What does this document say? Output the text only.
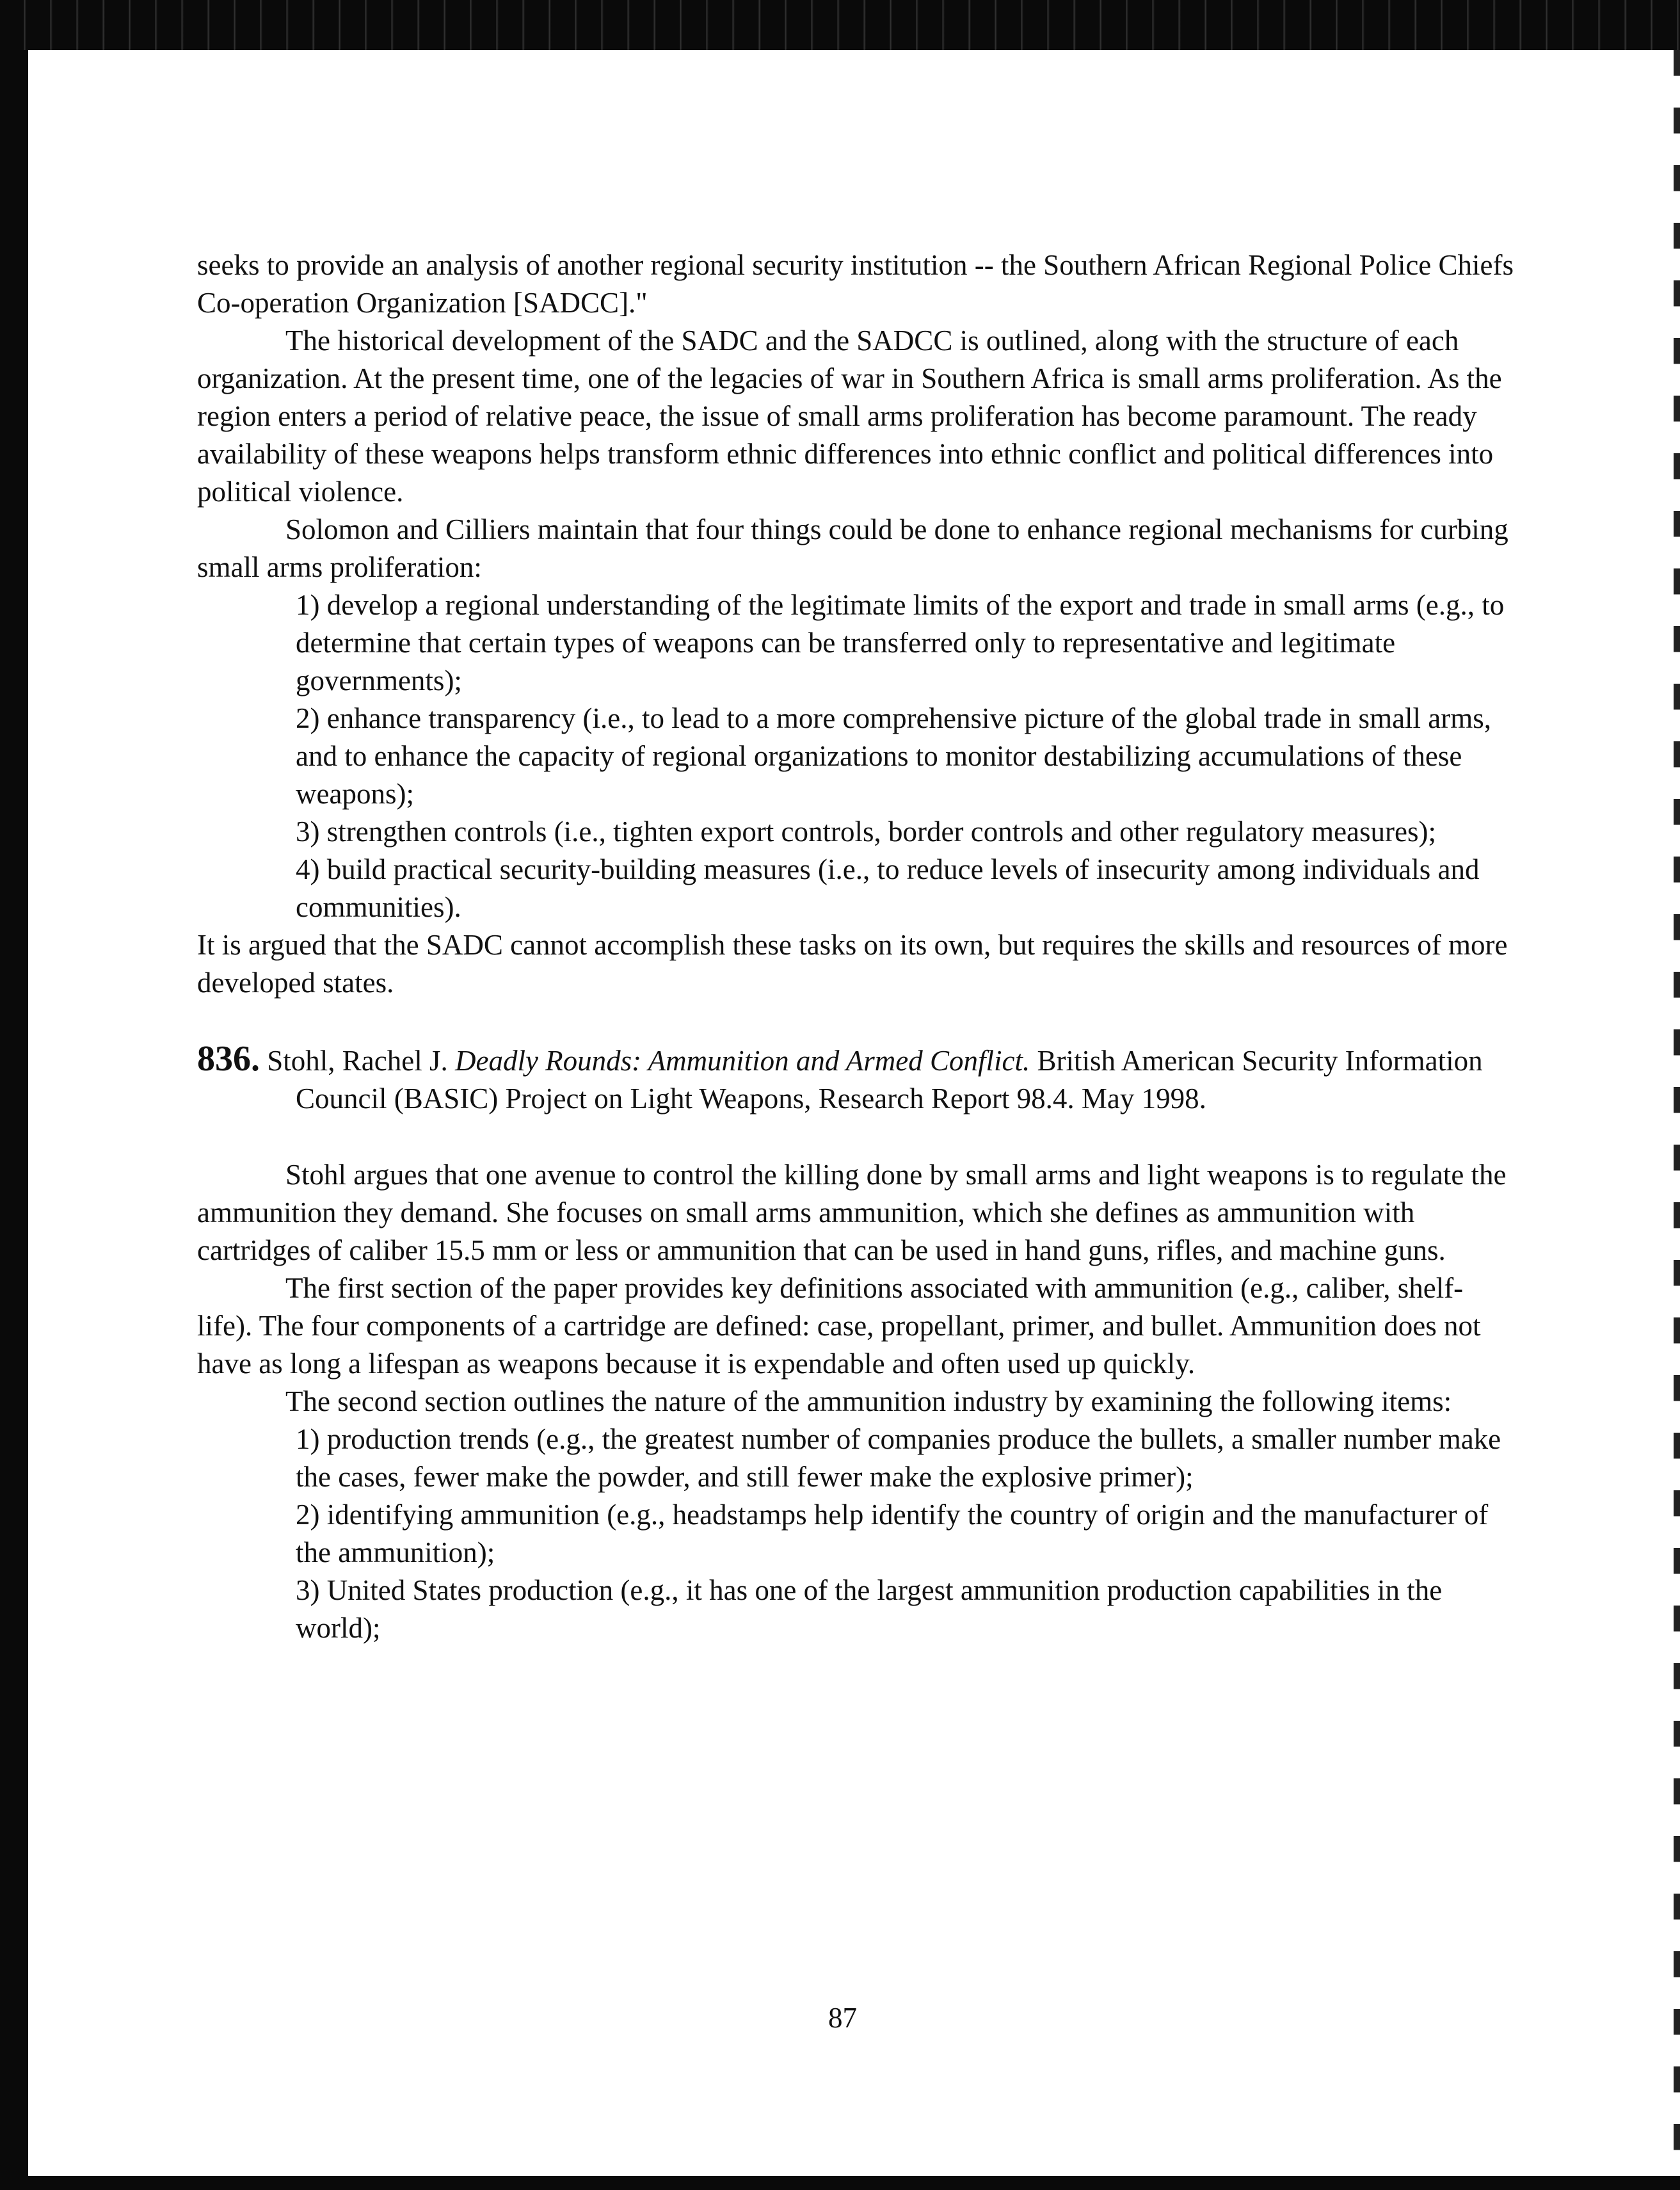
seeks to provide an analysis of another regional security institution -- the Southern African Regional Police Chiefs Co-operation Organization [SADCC]."

The historical development of the SADC and the SADCC is outlined, along with the structure of each organization. At the present time, one of the legacies of war in Southern Africa is small arms proliferation. As the region enters a period of relative peace, the issue of small arms proliferation has become paramount. The ready availability of these weapons helps transform ethnic differences into ethnic conflict and political differences into political violence.

Solomon and Cilliers maintain that four things could be done to enhance regional mechanisms for curbing small arms proliferation:

1) develop a regional understanding of the legitimate limits of the export and trade in small arms (e.g., to determine that certain types of weapons can be transferred only to representative and legitimate governments);

2) enhance transparency (i.e., to lead to a more comprehensive picture of the global trade in small arms, and to enhance the capacity of regional organizations to monitor destabilizing accumulations of these weapons);

3) strengthen controls (i.e., tighten export controls, border controls and other regulatory measures);

4) build practical security-building measures (i.e., to reduce levels of insecurity among individuals and communities).

It is argued that the SADC cannot accomplish these tasks on its own, but requires the skills and resources of more developed states.

836. Stohl, Rachel J. Deadly Rounds: Ammunition and Armed Conflict. British American Security Information Council (BASIC) Project on Light Weapons, Research Report 98.4. May 1998.

Stohl argues that one avenue to control the killing done by small arms and light weapons is to regulate the ammunition they demand. She focuses on small arms ammunition, which she defines as ammunition with cartridges of caliber 15.5 mm or less or ammunition that can be used in hand guns, rifles, and machine guns.

The first section of the paper provides key definitions associated with ammunition (e.g., caliber, shelf-life). The four components of a cartridge are defined: case, propellant, primer, and bullet. Ammunition does not have as long a lifespan as weapons because it is expendable and often used up quickly.

The second section outlines the nature of the ammunition industry by examining the following items:

1) production trends (e.g., the greatest number of companies produce the bullets, a smaller number make the cases, fewer make the powder, and still fewer make the explosive primer);

2) identifying ammunition (e.g., headstamps help identify the country of origin and the manufacturer of the ammunition);

3) United States production (e.g., it has one of the largest ammunition production capabilities in the world);

87
